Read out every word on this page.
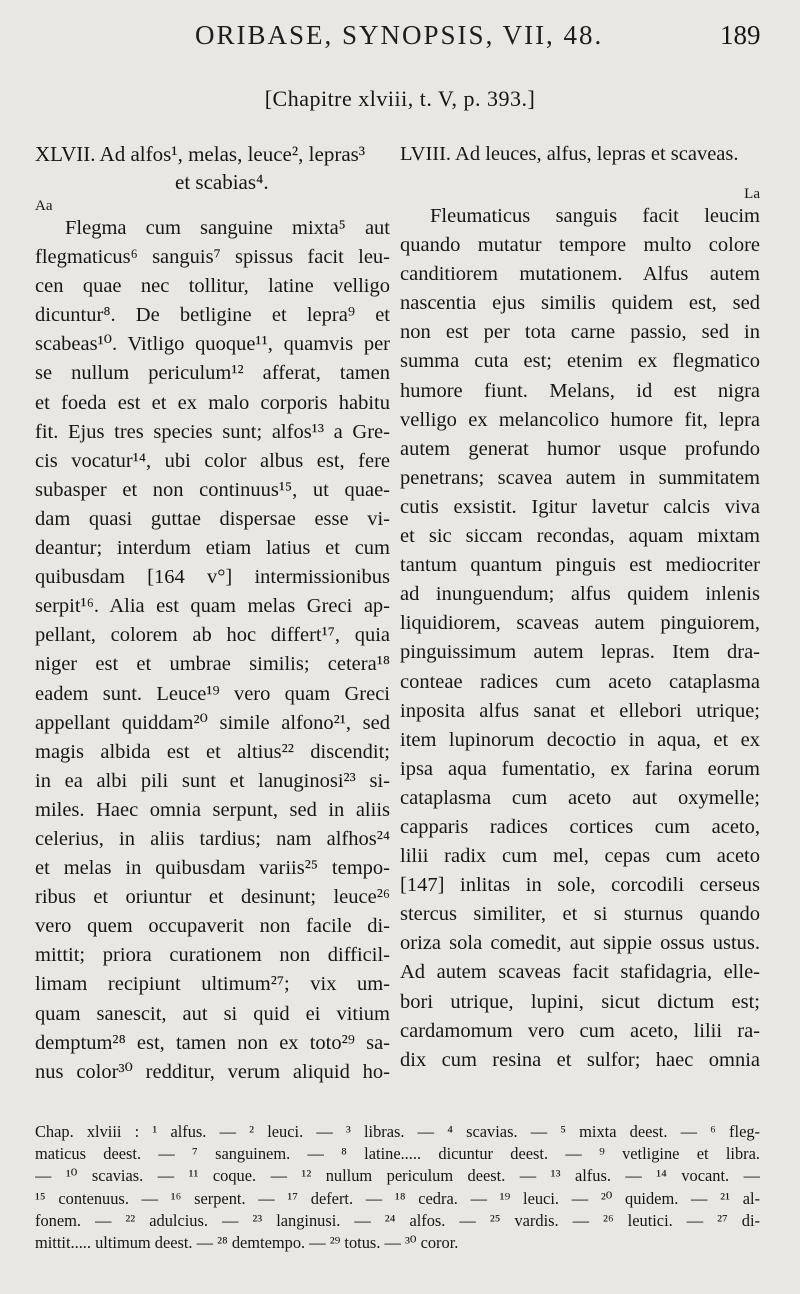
ORIBASE, SYNOPSIS, VII, 48.	189
[Chapitre xlviii, t. V, p. 393.]
XLVII. Ad alfos¹, melas, leuce², lepras³
et scabias⁴.
Aa
Flegma cum sanguine mixta⁵ aut
flegmaticus⁶ sanguis⁷ spissus facit leu-
cen quae nec tollitur, latine velligo
dicuntur⁸. De betligine et lepra⁹ et
scabeas¹⁰. Vitligo quoque¹¹, quamvis per
se nullum periculum¹² afferat, tamen
et foeda est et ex malo corporis habitu
fit. Ejus tres species sunt; alfos¹³ a Gre-
cis vocatur¹⁴, ubi color albus est, fere
subasper et non continuus¹⁵, ut quae-
dam quasi guttae dispersae esse vi-
deantur; interdum etiam latius et cum
quibusdam [164 v°] intermissionibus
serpit¹⁶. Alia est quam melas Greci ap-
pellant, colorem ab hoc differt¹⁷, quia
niger est et umbrae similis; cetera¹⁸
eadem sunt. Leuce¹⁹ vero quam Greci
appellant quiddam²⁰ simile alfono²¹, sed
magis albida est et altius²² discendit;
in ea albi pili sunt et lanuginosi²³ si-
miles. Haec omnia serpunt, sed in aliis
celerius, in aliis tardius; nam alfhos²⁴
et melas in quibusdam variis²⁵ tempo-
ribus et oriuntur et desinunt; leuce²⁶
vero quem occupaverit non facile di-
mittit; priora curationem non difficil-
limam recipiunt ultimum²⁷; vix um-
quam sanescit, aut si quid ei vitium
demptum²⁸ est, tamen non ex toto²⁹ sa-
nus color³⁰ redditur, verum aliquid ho-
LVIII. Ad leuces, alfus, lepras et scaveas.
La
Fleumaticus sanguis facit leucim
quando mutatur tempore multo colore
canditiorem mutationem. Alfus autem
nascentia ejus similis quidem est, sed
non est per tota carne passio, sed in
summa cuta est; etenim ex flegmatico
humore fiunt. Melans, id est nigra
velligo ex melancolico humore fit, lepra
autem generat humor usque profundo
penetrans; scavea autem in summitatem
cutis exsistit. Igitur lavetur calcis viva
et sic siccam recondas, aquam mixtam
tantum quantum pinguis est mediocriter
ad inunguendum; alfus quidem inlenis
liquidiorem, scaveas autem pinguiorem,
pinguissimum autem lepras. Item dra-
conteae radices cum aceto cataplasma
inposita alfus sanat et ellebori utrique;
item lupinorum decoctio in aqua, et ex
ipsa aqua fumentatio, ex farina eorum
cataplasma cum aceto aut oxymelle;
capparis radices cortices cum aceto,
lilii radix cum mel, cepas cum aceto
[147] inlitas in sole, corcodili cerseus
stercus similiter, et si sturnus quando
oriza sola comedit, aut sippie ossus ustus.
Ad autem scaveas facit stafidagria, elle-
bori utrique, lupini, sicut dictum est;
cardamomum vero cum aceto, lilii ra-
dix cum resina et sulfor; haec omnia
Chap. xlviii : ¹ alfus. — ² leuci. — ³ libras. — ⁴ scavias. — ⁵ mixta deest. — ⁶ fleg-
maticus deest. — ⁷ sanguinem. — ⁸ latine..... dicuntur deest. — ⁹ vetligine et libra.
— ¹⁰ scavias. — ¹¹ coque. — ¹² nullum periculum deest. — ¹³ alfus. — ¹⁴ vocant. —
¹⁵ contenuus. — ¹⁶ serpent. — ¹⁷ defert. — ¹⁸ cedra. — ¹⁹ leuci. — ²⁰ quidem. — ²¹ al-
fonem. — ²² adulcius. — ²³ langinusi. — ²⁴ alfos. — ²⁵ vardis. — ²⁶ leutici. — ²⁷ di-
mittit..... ultimum deest. — ²⁸ demtempo. — ²⁹ totus. — ³⁰ coror.
